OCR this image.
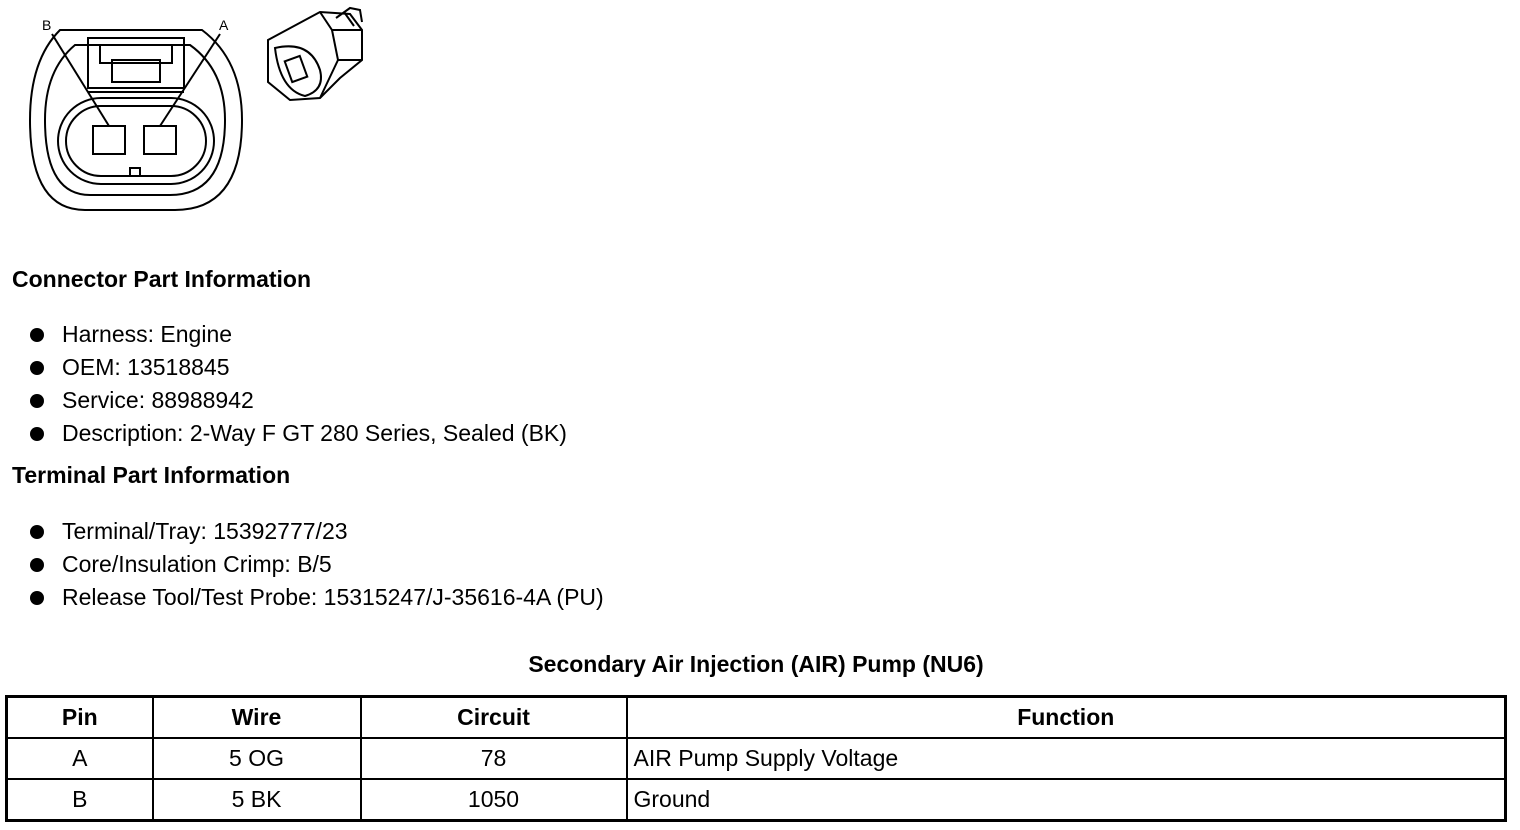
B	A
Connector Part Information
Harness: Engine
OEM: 13518845
Service: 88988942
Description: 2-Way F GT 280 Series, Sealed (BK)
Terminal Part Information
Terminal/Tray: 15392777/23
Core/Insulation Crimp: B/5
Release Tool/Test Probe: 15315247/J-35616-4A (PU)
Secondary Air Injection (AIR) Pump (NU6)
Pin	Wire	Circuit	Function
A	5 OG	78	AIR Pump Supply Voltage
B	5 BK	1050	Ground
